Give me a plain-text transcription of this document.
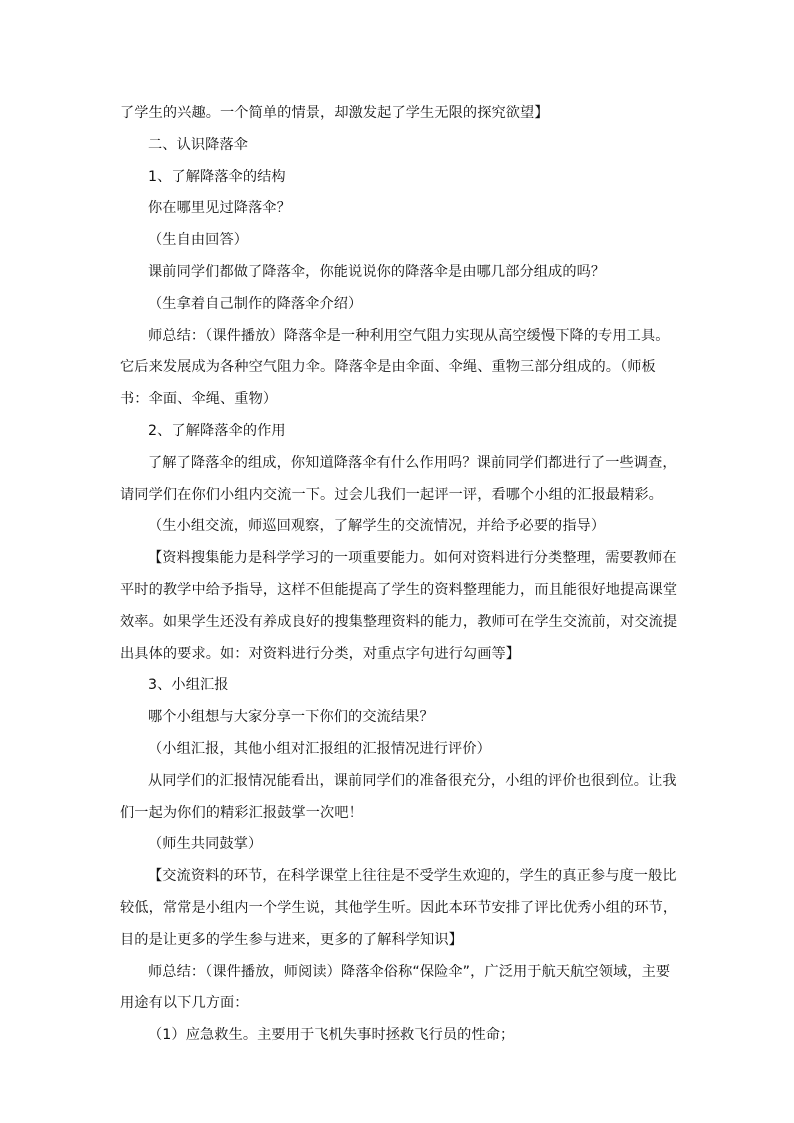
了学生的兴趣。一个简单的情景，却激发起了学生无限的探究欲望】

二、认识降落伞

1、了解降落伞的结构

你在哪里见过降落伞？

（生自由回答）

课前同学们都做了降落伞，你能说说你的降落伞是由哪几部分组成的吗？

（生拿着自己制作的降落伞介绍）

师总结：（课件播放）降落伞是一种利用空气阻力实现从高空缓慢下降的专用工具。它后来发展成为各种空气阻力伞。降落伞是由伞面、伞绳、重物三部分组成的。（师板书：伞面、伞绳、重物）

2、了解降落伞的作用

了解了降落伞的组成，你知道降落伞有什么作用吗？课前同学们都进行了一些调查，请同学们在你们小组内交流一下。过会儿我们一起评一评，看哪个小组的汇报最精彩。

（生小组交流，师巡回观察，了解学生的交流情况，并给予必要的指导）

【资料搜集能力是科学学习的一项重要能力。如何对资料进行分类整理，需要教师在平时的教学中给予指导，这样不但能提高了学生的资料整理能力，而且能很好地提高课堂效率。如果学生还没有养成良好的搜集整理资料的能力，教师可在学生交流前，对交流提出具体的要求。如：对资料进行分类，对重点字句进行勾画等】

3、小组汇报

哪个小组想与大家分享一下你们的交流结果？

（小组汇报，其他小组对汇报组的汇报情况进行评价）

从同学们的汇报情况能看出，课前同学们的准备很充分，小组的评价也很到位。让我们一起为你们的精彩汇报鼓掌一次吧！

（师生共同鼓掌）

【交流资料的环节，在科学课堂上往往是不受学生欢迎的，学生的真正参与度一般比较低，常常是小组内一个学生说，其他学生听。因此本环节安排了评比优秀小组的环节，目的是让更多的学生参与进来，更多的了解科学知识】

师总结：（课件播放，师阅读）降落伞俗称“保险伞”，广泛用于航天航空领域，主要用途有以下几方面：

（1）应急救生。主要用于飞机失事时拯救飞行员的性命；
